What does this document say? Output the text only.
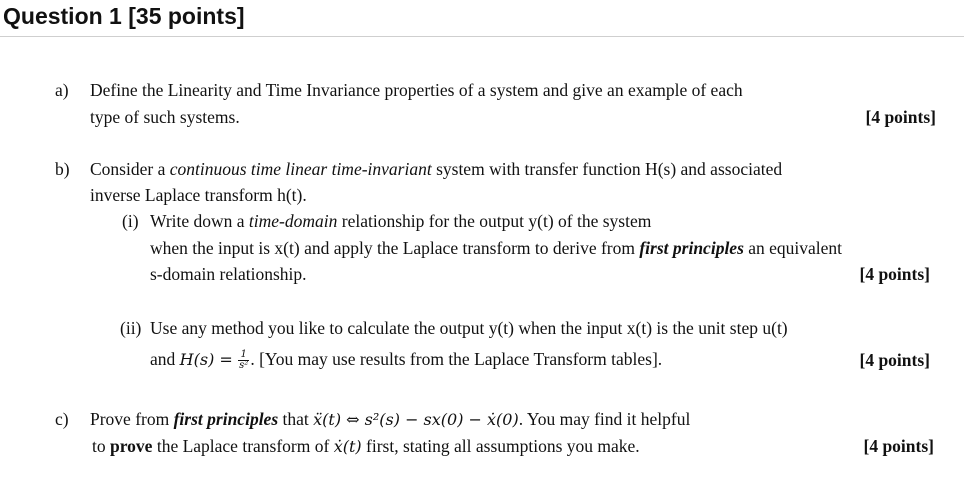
Question 1 [35 points]
a) Define the Linearity and Time Invariance properties of a system and give an example of each
type of such systems.	[4 points]
b) Consider a continuous time linear time-invariant system with transfer function H(s) and associated
inverse Laplace transform h(t).
(i) Write down a time-domain relationship for the output y(t) of the system
when the input is x(t) and apply the Laplace transform to derive from first principles an equivalent
s-domain relationship.	[4 points]
(ii) Use any method you like to calculate the output y(t) when the input x(t) is the unit step u(t)
and $H(s) = \frac{1}{\text{s²}}$ . [You may use results from the Laplace Transform tables].	[4 points]
c) Prove from first principles that ẍ(t) ⇔ s²(s) − sx(0) − ẋ(0). You may find it helpful
to prove the Laplace transform of ẋ(t) first, stating all assumptions you make.	[4 points]
